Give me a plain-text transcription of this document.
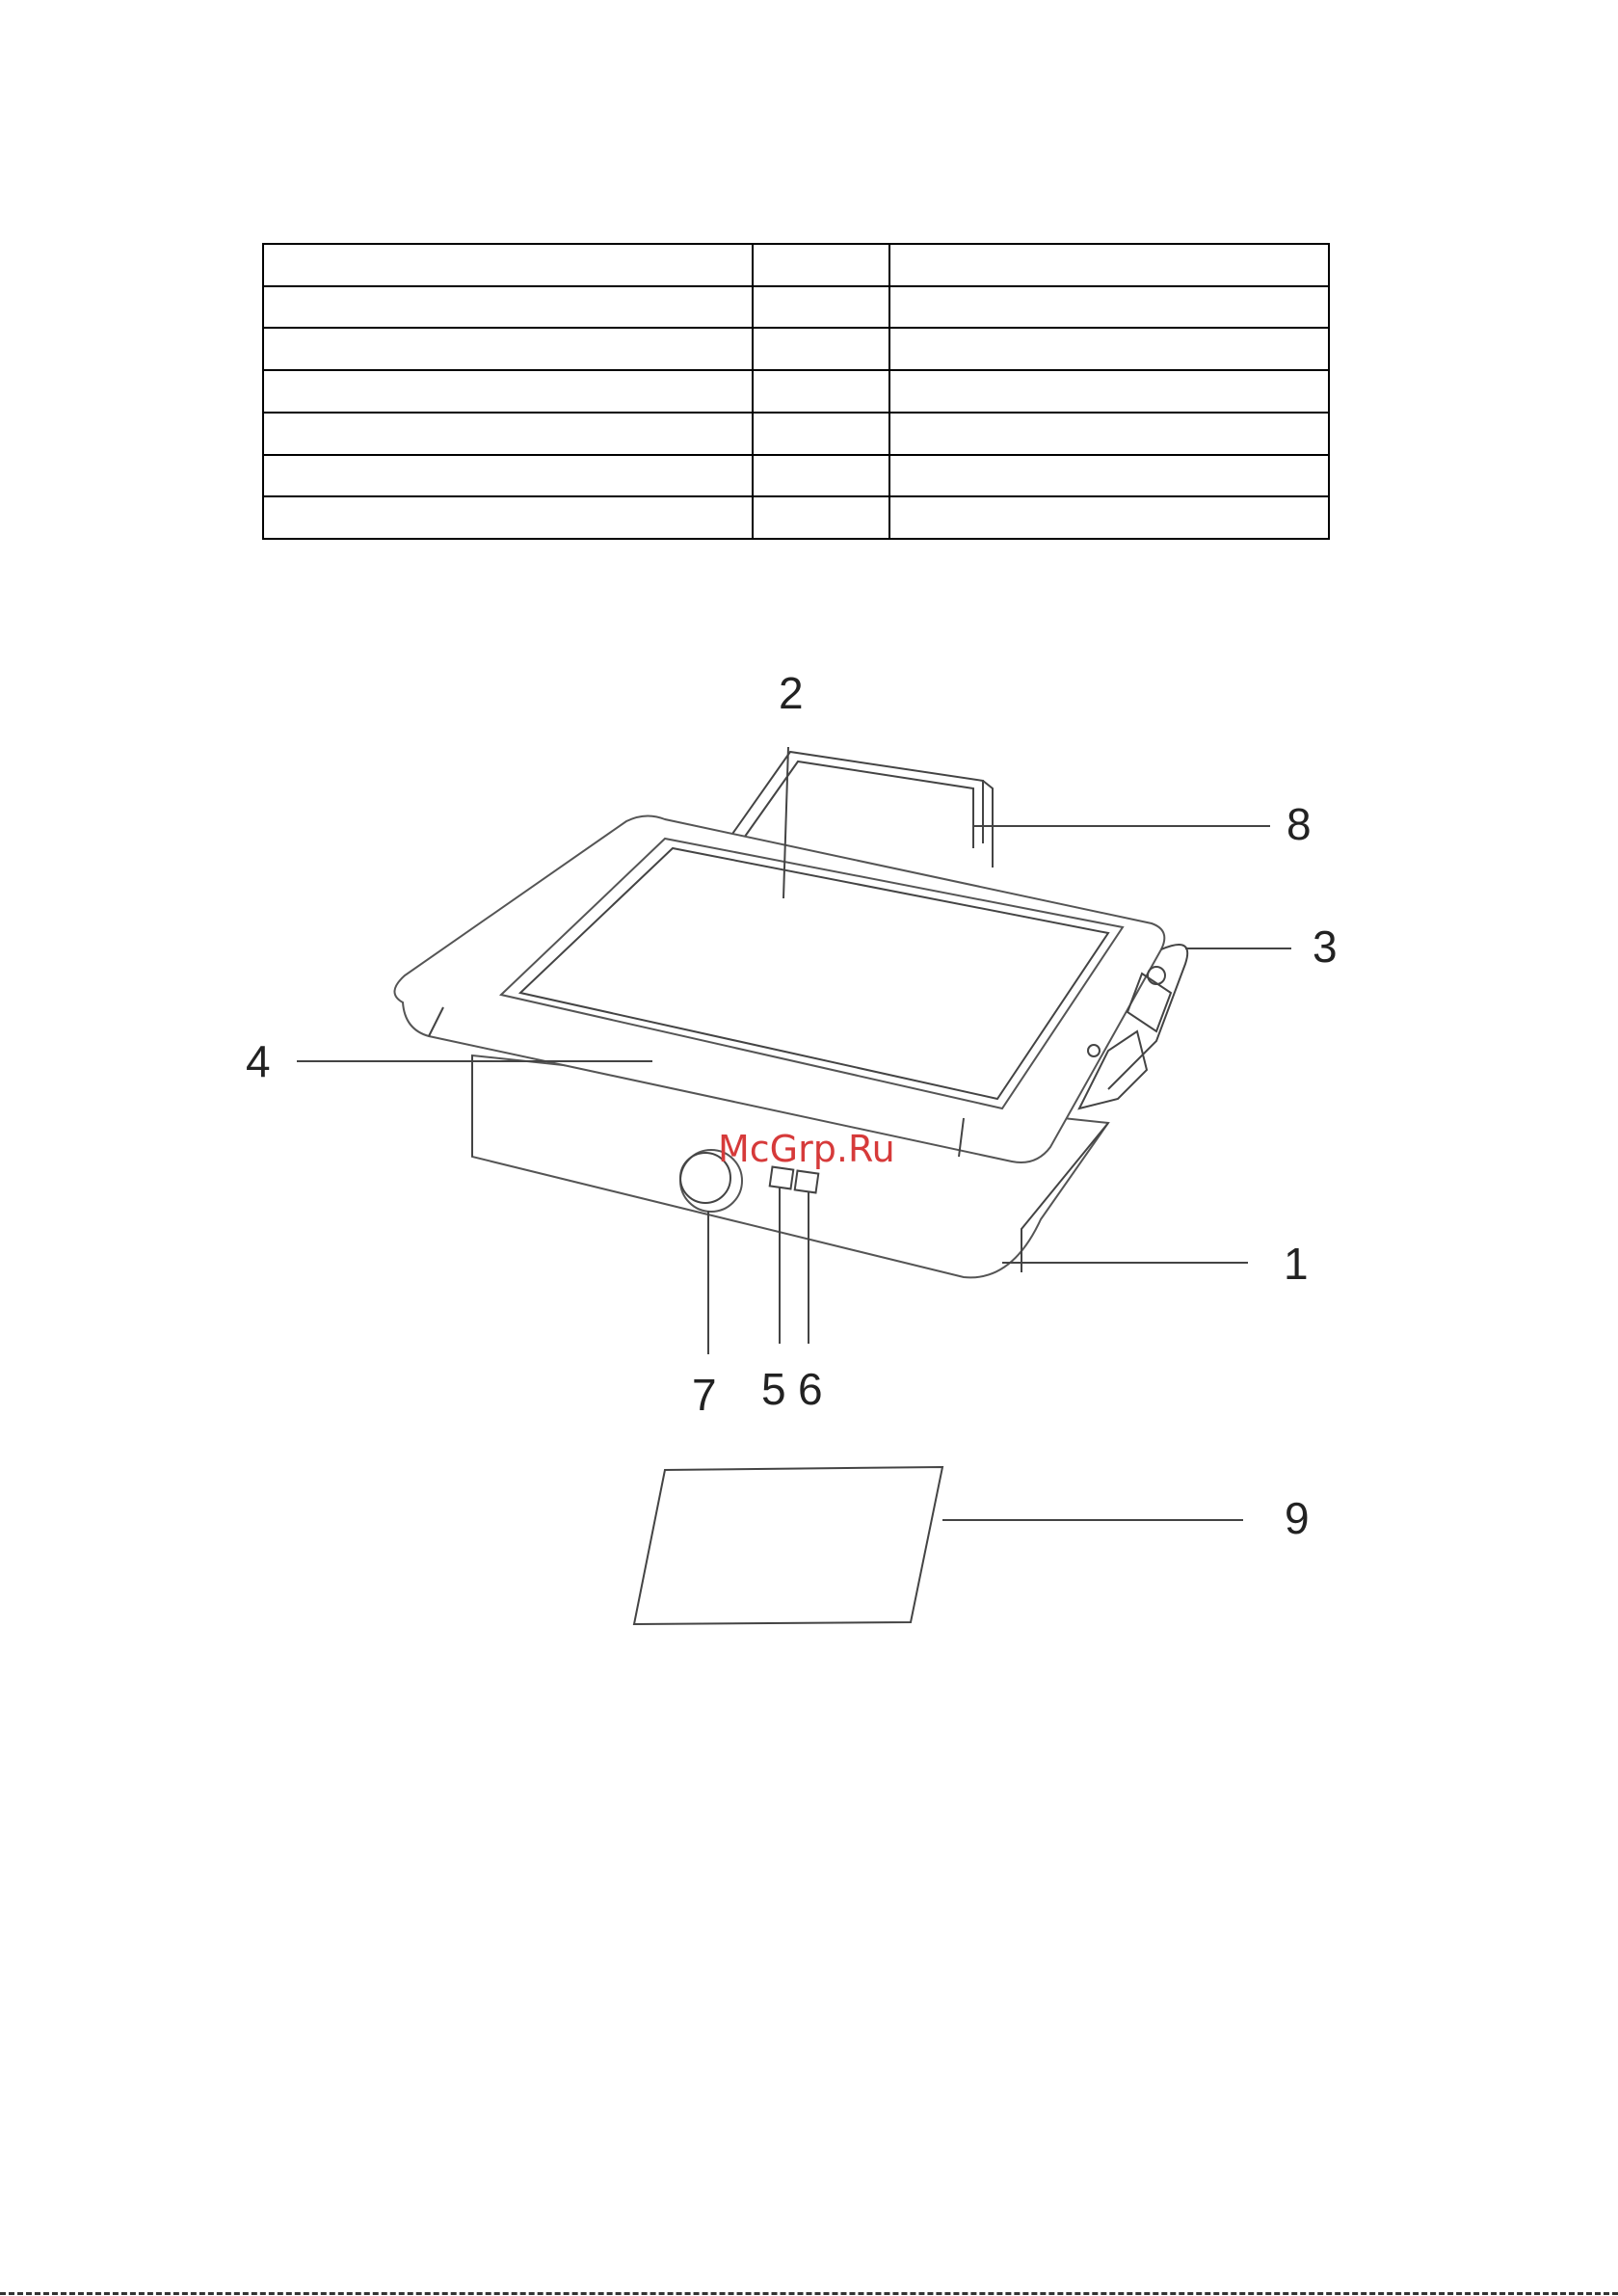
2
8
3
4
1
7 5 6
9
McGrp.Ru
